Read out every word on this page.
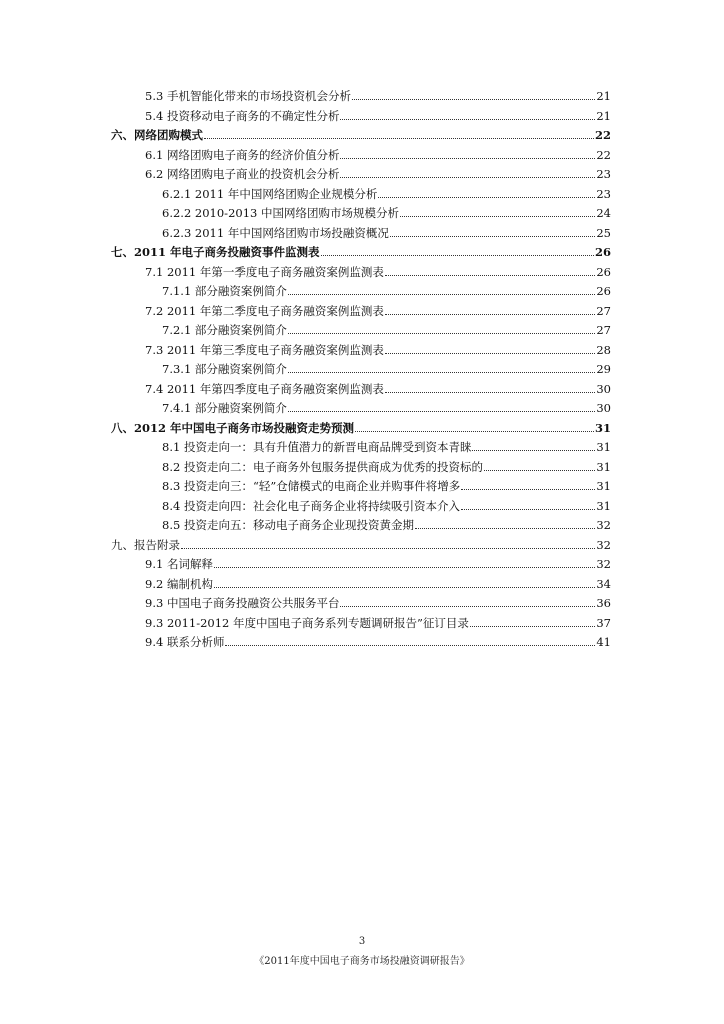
5.3 手机智能化带来的市场投资机会分析	21
5.4 投资移动电子商务的不确定性分析	21
六、网络团购模式	22
6.1 网络团购电子商务的经济价值分析	22
6.2 网络团购电子商业的投资机会分析	23
6.2.1 2011 年中国网络团购企业规模分析	23
6.2.2 2010-2013 中国网络团购市场规模分析	24
6.2.3 2011 年中国网络团购市场投融资概况	25
七、2011 年电子商务投融资事件监测表	26
7.1 2011 年第一季度电子商务融资案例监测表	26
7.1.1 部分融资案例简介	26
7.2 2011 年第二季度电子商务融资案例监测表	27
7.2.1 部分融资案例简介	27
7.3 2011 年第三季度电子商务融资案例监测表	28
7.3.1 部分融资案例简介	29
7.4 2011 年第四季度电子商务融资案例监测表	30
7.4.1 部分融资案例简介	30
八、2012 年中国电子商务市场投融资走势预测	31
8.1 投资走向一：具有升值潜力的新晋电商品牌受到资本青睐	31
8.2 投资走向二：电子商务外包服务提供商成为优秀的投资标的	31
8.3 投资走向三：“轻”仓储模式的电商企业并购事件将增多	31
8.4 投资走向四：社会化电子商务企业将持续吸引资本介入	31
8.5 投资走向五：移动电子商务企业现投资黄金期	32
九、报告附录	32
9.1 名词解释	32
9.2 编制机构	34
9.3 中国电子商务投融资公共服务平台	36
9.3 2011-2012 年度中国电子商务系列专题调研报告”征订目录	37
9.4 联系分析师	41
3
《2011年度中国电子商务市场投融资调研报告》
